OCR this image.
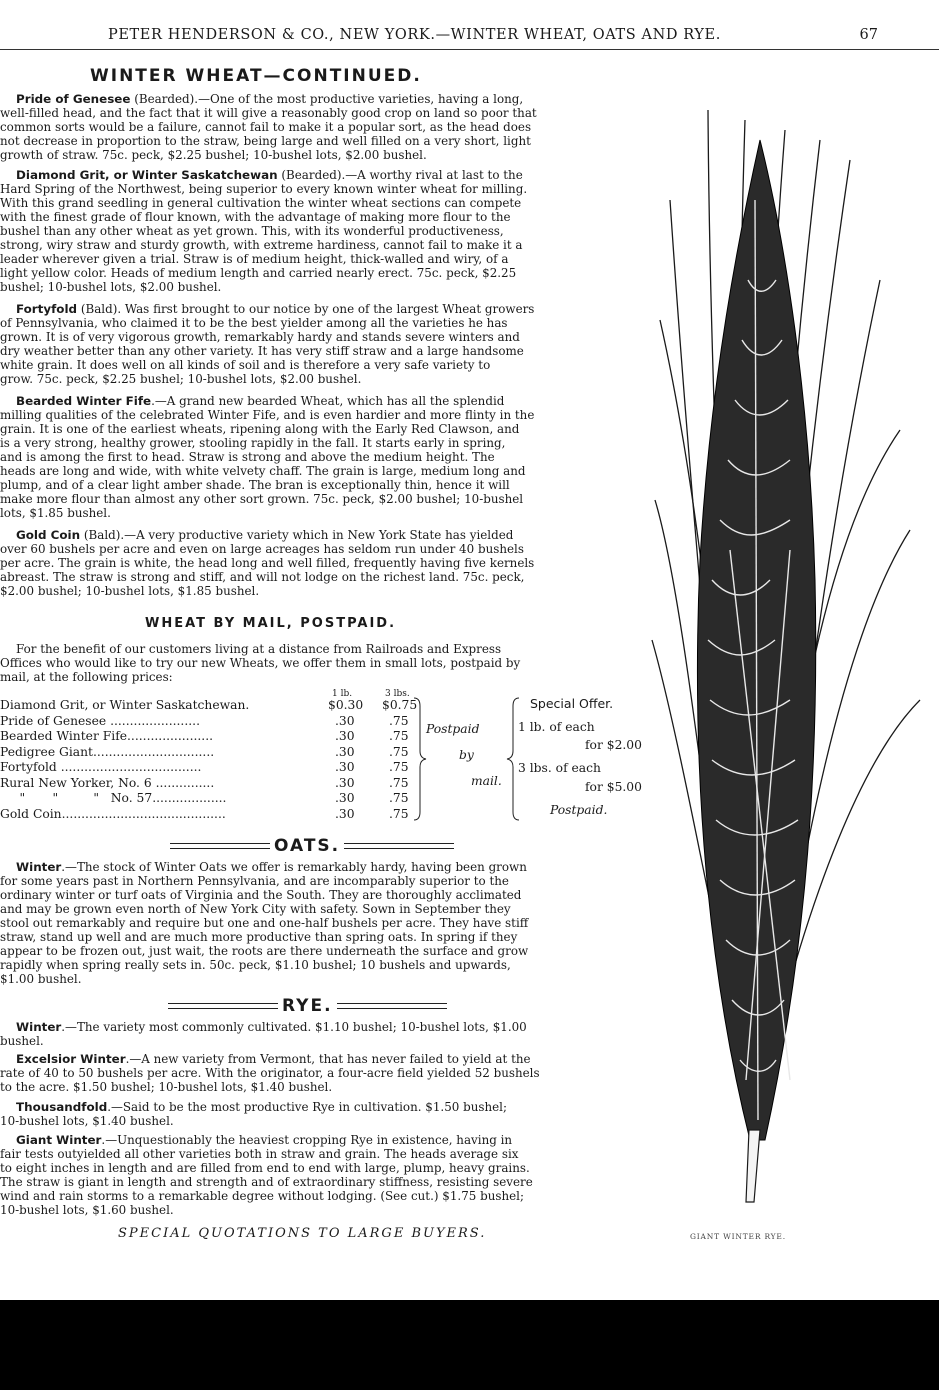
PETER HENDERSON & CO., NEW YORK.—WINTER WHEAT, OATS AND RYE.	67
WINTER WHEAT—CONTINUED.
Pride of Genesee (Bearded).—One of the most productive varieties, having a long,
well-filled head, and the fact that it will give a reasonably good crop on land so poor that
common sorts would be a failure, cannot fail to make it a popular sort, as the head does
not decrease in proportion to the straw, being large and well filled on a very short, light
growth of straw. 75c. peck, $2.25 bushel; 10-bushel lots, $2.00 bushel.
Diamond Grit, or Winter Saskatchewan (Bearded).—A worthy rival at last to the
Hard Spring of the Northwest, being superior to every known winter wheat for milling.
With this grand seedling in general cultivation the winter wheat sections can compete
with the finest grade of flour known, with the advantage of making more flour to the
bushel than any other wheat as yet grown. This, with its wonderful productiveness,
strong, wiry straw and sturdy growth, with extreme hardiness, cannot fail to make it a
leader wherever given a trial. Straw is of medium height, thick-walled and wiry, of a
light yellow color. Heads of medium length and carried nearly erect. 75c. peck, $2.25
bushel; 10-bushel lots, $2.00 bushel.
Fortyfold (Bald). Was first brought to our notice by one of the largest Wheat growers
of Pennsylvania, who claimed it to be the best yielder among all the varieties he has
grown. It is of very vigorous growth, remarkably hardy and stands severe winters and
dry weather better than any other variety. It has very stiff straw and a large handsome
white grain. It does well on all kinds of soil and is therefore a very safe variety to
grow. 75c. peck, $2.25 bushel; 10-bushel lots, $2.00 bushel.
Bearded Winter Fife.—A grand new bearded Wheat, which has all the splendid
milling qualities of the celebrated Winter Fife, and is even hardier and more flinty in the
grain. It is one of the earliest wheats, ripening along with the Early Red Clawson, and
is a very strong, healthy grower, stooling rapidly in the fall. It starts early in spring,
and is among the first to head. Straw is strong and above the medium height. The
heads are long and wide, with white velvety chaff. The grain is large, medium long and
plump, and of a clear light amber shade. The bran is exceptionally thin, hence it will
make more flour than almost any other sort grown. 75c. peck, $2.00 bushel; 10-bushel
lots, $1.85 bushel.
Gold Coin (Bald).—A very productive variety which in New York State has yielded
over 60 bushels per acre and even on large acreages has seldom run under 40 bushels
per acre. The grain is white, the head long and well filled, frequently having five kernels
abreast. The straw is strong and stiff, and will not lodge on the richest land. 75c. peck,
$2.00 bushel; 10-bushel lots, $1.85 bushel.
WHEAT BY MAIL, POSTPAID.
For the benefit of our customers living at a distance from Railroads and Express
Offices who would like to try our new Wheats, we offer them in small lots, postpaid by
mail, at the following prices:
1 lb.	3 lbs.
Diamond Grit, or Winter Saskatchewan.	$0.30 $0.75
Pride of Genesee .......................	.30	.75
Bearded Winter Fife......................	.30	.75
Pedigree Giant...............................	.30	.75
Fortyfold ....................................	.30	.75
Rural New Yorker, No. 6 ...............	.30	.75
"       "         "   No. 57...................	.30	.75
Gold Coin..........................................	.30	.75
Postpaid
by
mail.
Special Offer.
1 lb. of each
for $2.00
3 lbs. of each
for $5.00
Postpaid.
OATS.
Winter.—The stock of Winter Oats we offer is remarkably hardy, having been grown
for some years past in Northern Pennsylvania, and are incomparably superior to the
ordinary winter or turf oats of Virginia and the South. They are thoroughly acclimated
and may be grown even north of New York City with safety. Sown in September they
stool out remarkably and require but one and one-half bushels per acre. They have stiff
straw, stand up well and are much more productive than spring oats. In spring if they
appear to be frozen out, just wait, the roots are there underneath the surface and grow
rapidly when spring really sets in. 50c. peck, $1.10 bushel; 10 bushels and upwards,
$1.00 bushel.
RYE.
Winter.—The variety most commonly cultivated. $1.10 bushel; 10-bushel lots, $1.00
bushel.
Excelsior Winter.—A new variety from Vermont, that has never failed to yield at the
rate of 40 to 50 bushels per acre. With the originator, a four-acre field yielded 52 bushels
to the acre. $1.50 bushel; 10-bushel lots, $1.40 bushel.
Thousandfold.—Said to be the most productive Rye in cultivation. $1.50 bushel;
10-bushel lots, $1.40 bushel.
Giant Winter.—Unquestionably the heaviest cropping Rye in existence, having in
fair tests outyielded all other varieties both in straw and grain. The heads average six
to eight inches in length and are filled from end to end with large, plump, heavy grains.
The straw is giant in length and strength and of extraordinary stiffness, resisting severe
wind and rain storms to a remarkable degree without lodging. (See cut.) $1.75 bushel;
10-bushel lots, $1.60 bushel.
SPECIAL QUOTATIONS TO LARGE BUYERS.	GIANT WINTER RYE.
